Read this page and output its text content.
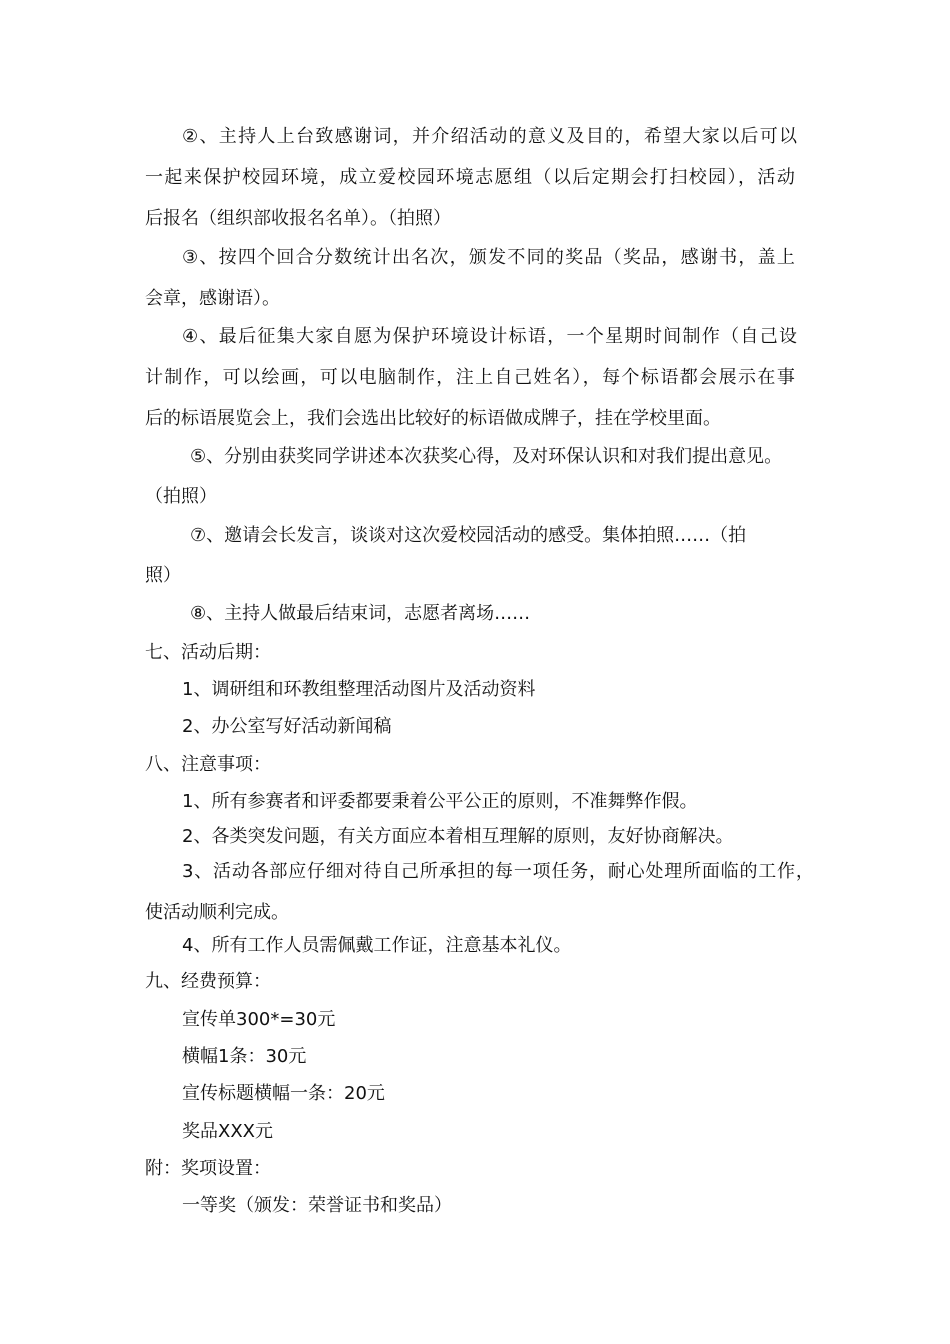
②、主持人上台致感谢词，并介绍活动的意义及目的，希望大家以后可以
一起来保护校园环境，成立爱校园环境志愿组（以后定期会打扫校园），活动
后报名（组织部收报名名单）。（拍照）
③、按四个回合分数统计出名次，颁发不同的奖品（奖品，感谢书，盖上
会章，感谢语）。
④、最后征集大家自愿为保护环境设计标语，一个星期时间制作（自己设
计制作，可以绘画，可以电脑制作，注上自己姓名），每个标语都会展示在事
后的标语展览会上，我们会选出比较好的标语做成牌子，挂在学校里面。
⑤、分别由获奖同学讲述本次获奖心得，及对环保认识和对我们提出意见。
（拍照）
⑦、邀请会长发言，谈谈对这次爱校园活动的感受。集体拍照……（拍
照）
⑧、主持人做最后结束词，志愿者离场……
七、活动后期：
1、调研组和环教组整理活动图片及活动资料
2、办公室写好活动新闻稿
八、注意事项：
1、所有参赛者和评委都要秉着公平公正的原则，不准舞弊作假。
2、各类突发问题，有关方面应本着相互理解的原则，友好协商解决。
3、活动各部应仔细对待自己所承担的每一项任务，耐心处理所面临的工作，
使活动顺利完成。
4、所有工作人员需佩戴工作证，注意基本礼仪。
九、经费预算：
宣传单300*=30元
横幅1条：30元
宣传标题横幅一条：20元
奖品XXX元
附：奖项设置：
一等奖（颁发：荣誉证书和奖品）
